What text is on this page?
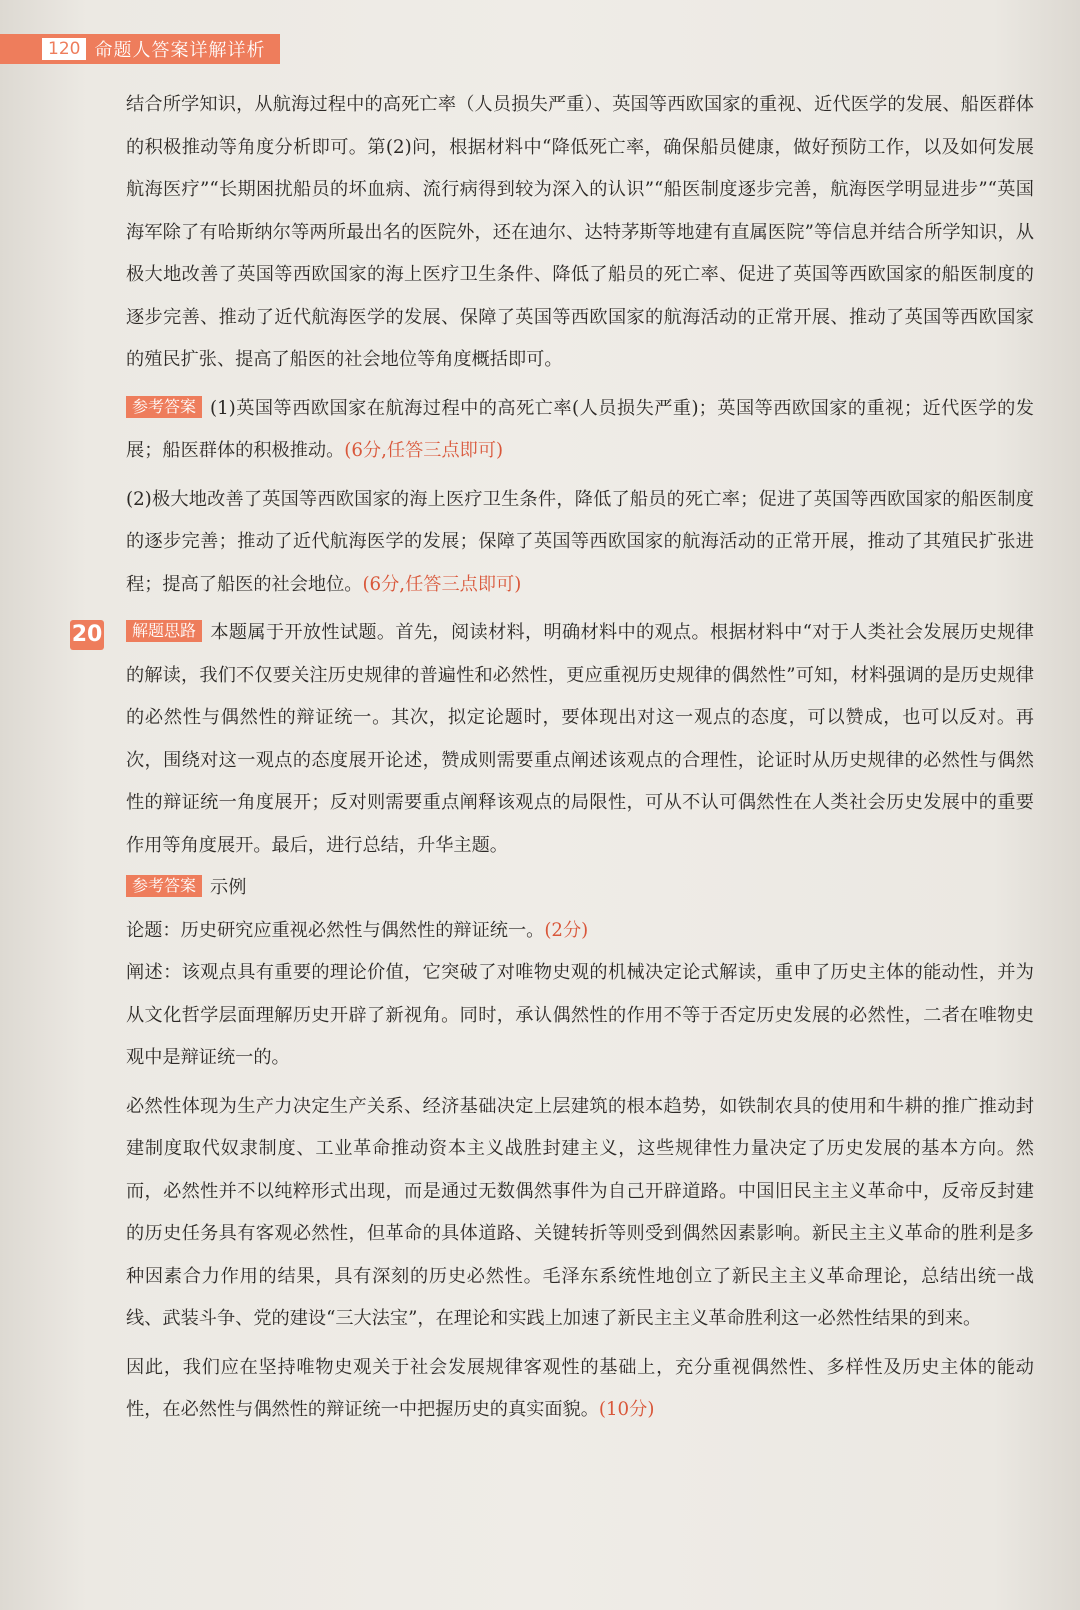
120 命题人答案详解详析
20

结合所学知识，从航海过程中的高死亡率（人员损失严重）、英国等西欧国家的重视、近代医学的发展、船医群体的积极推动等角度分析即可。第(2)问，根据材料中“降低死亡率，确保船员健康，做好预防工作，以及如何发展航海医疗”“长期困扰船员的坏血病、流行病得到较为深入的认识”“船医制度逐步完善，航海医学明显进步”“英国海军除了有哈斯纳尔等两所最出名的医院外，还在迪尔、达特茅斯等地建有直属医院”等信息并结合所学知识，从极大地改善了英国等西欧国家的海上医疗卫生条件、降低了船员的死亡率、促进了英国等西欧国家的船医制度的逐步完善、推动了近代航海医学的发展、保障了英国等西欧国家的航海活动的正常开展、推动了英国等西欧国家的殖民扩张、提高了船医的社会地位等角度概括即可。

参考答案 (1)英国等西欧国家在航海过程中的高死亡率(人员损失严重)；英国等西欧国家的重视；近代医学的发展；船医群体的积极推动。(6分,任答三点即可)

(2)极大地改善了英国等西欧国家的海上医疗卫生条件，降低了船员的死亡率；促进了英国等西欧国家的船医制度的逐步完善；推动了近代航海医学的发展；保障了英国等西欧国家的航海活动的正常开展，推动了其殖民扩张进程；提高了船医的社会地位。(6分,任答三点即可)

解题思路 本题属于开放性试题。首先，阅读材料，明确材料中的观点。根据材料中“对于人类社会发展历史规律的解读，我们不仅要关注历史规律的普遍性和必然性，更应重视历史规律的偶然性”可知，材料强调的是历史规律的必然性与偶然性的辩证统一。其次，拟定论题时，要体现出对这一观点的态度，可以赞成，也可以反对。再次，围绕对这一观点的态度展开论述，赞成则需要重点阐述该观点的合理性，论证时从历史规律的必然性与偶然性的辩证统一角度展开；反对则需要重点阐释该观点的局限性，可从不认可偶然性在人类社会历史发展中的重要作用等角度展开。最后，进行总结，升华主题。

参考答案 示例

论题：历史研究应重视必然性与偶然性的辩证统一。(2分)

阐述：该观点具有重要的理论价值，它突破了对唯物史观的机械决定论式解读，重申了历史主体的能动性，并为从文化哲学层面理解历史开辟了新视角。同时，承认偶然性的作用不等于否定历史发展的必然性，二者在唯物史观中是辩证统一的。

必然性体现为生产力决定生产关系、经济基础决定上层建筑的根本趋势，如铁制农具的使用和牛耕的推广推动封建制度取代奴隶制度、工业革命推动资本主义战胜封建主义，这些规律性力量决定了历史发展的基本方向。然而，必然性并不以纯粹形式出现，而是通过无数偶然事件为自己开辟道路。中国旧民主主义革命中，反帝反封建的历史任务具有客观必然性，但革命的具体道路、关键转折等则受到偶然因素影响。新民主主义革命的胜利是多种因素合力作用的结果，具有深刻的历史必然性。毛泽东系统性地创立了新民主主义革命理论，总结出统一战线、武装斗争、党的建设“三大法宝”，在理论和实践上加速了新民主主义革命胜利这一必然性结果的到来。

因此，我们应在坚持唯物史观关于社会发展规律客观性的基础上，充分重视偶然性、多样性及历史主体的能动性，在必然性与偶然性的辩证统一中把握历史的真实面貌。(10分)
